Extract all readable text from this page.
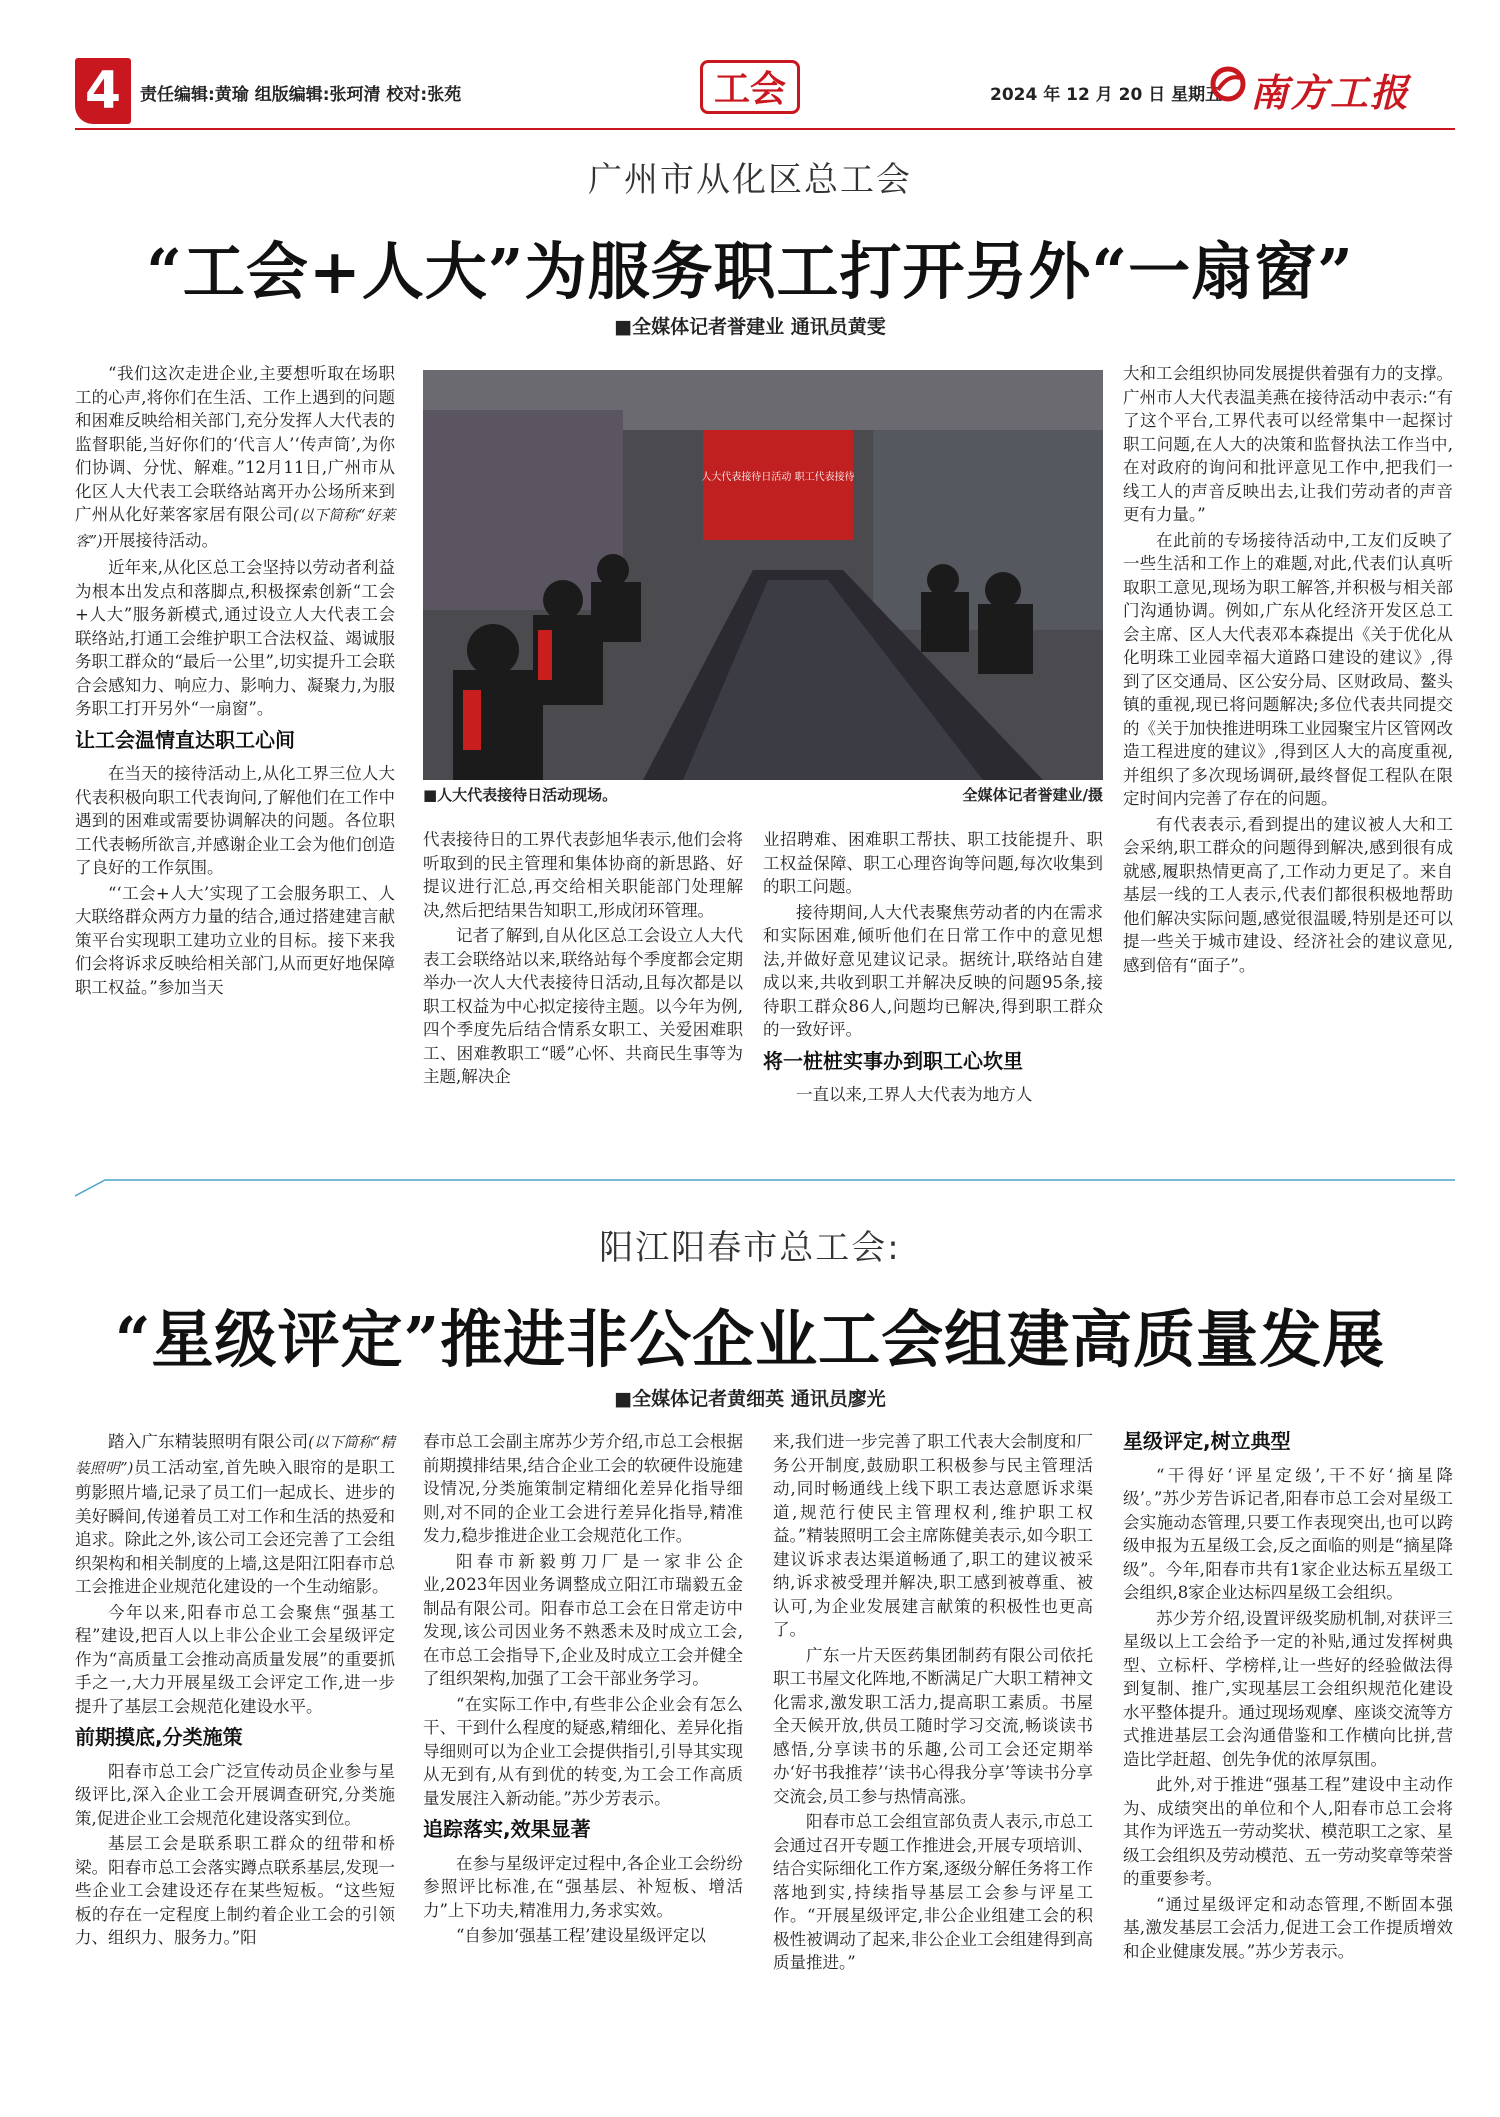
4	责任编辑:黄瑜 组版编辑:张珂清 校对:张苑	工会	2024 年 12 月 20 日 星期五 南方工报
广州市从化区总工会
“工会+人大”为服务职工打开另外“一扇窗”
■全媒体记者誉建业 通讯员黄雯

“我们这次走进企业,主要想听取在场职工的心声,将你们在生活、工作上遇到的问题和困难反映给相关部门,充分发挥人大代表的监督职能,当好你们的‘代言人’‘传声筒’,为你们协调、分忧、解难。”12月11日,广州市从化区人大代表工会联络站离开办公场所来到广州从化好莱客家居有限公司(以下简称“好莱客”)开展接待活动。

近年来,从化区总工会坚持以劳动者利益为根本出发点和落脚点,积极探索创新“工会+人大”服务新模式,通过设立人大代表工会联络站,打通工会维护职工合法权益、竭诚服务职工群众的“最后一公里”,切实提升工会联合会感知力、响应力、影响力、凝聚力,为服务职工打开另外“一扇窗”。

让工会温情直达职工心间

在当天的接待活动上,从化工界三位人大代表积极向职工代表询问,了解他们在工作中遇到的困难或需要协调解决的问题。各位职工代表畅所欲言,并感谢企业工会为他们创造了良好的工作氛围。

“‘工会+人大’实现了工会服务职工、人大联络群众两方力量的结合,通过搭建建言献策平台实现职工建功立业的目标。接下来我们会将诉求反映给相关部门,从而更好地保障职工权益。”参加当天

人大代表接待日活动 职工代表接待
■人大代表接待日活动现场。	全媒体记者誉建业/摄

代表接待日的工界代表彭旭华表示,他们会将听取到的民主管理和集体协商的新思路、好提议进行汇总,再交给相关职能部门处理解决,然后把结果告知职工,形成闭环管理。

记者了解到,自从化区总工会设立人大代表工会联络站以来,联络站每个季度都会定期举办一次人大代表接待日活动,且每次都是以职工权益为中心拟定接待主题。以今年为例,四个季度先后结合情系女职工、关爱困难职工、困难教职工“暖”心怀、共商民生事等为主题,解决企

业招聘难、困难职工帮扶、职工技能提升、职工权益保障、职工心理咨询等问题,每次收集到的职工问题。

接待期间,人大代表聚焦劳动者的内在需求和实际困难,倾听他们在日常工作中的意见想法,并做好意见建议记录。据统计,联络站自建成以来,共收到职工并解决反映的问题95条,接待职工群众86人,问题均已解决,得到职工群众的一致好评。

将一桩桩实事办到职工心坎里

一直以来,工界人大代表为地方人

大和工会组织协同发展提供着强有力的支撑。广州市人大代表温美燕在接待活动中表示:“有了这个平台,工界代表可以经常集中一起探讨职工问题,在人大的决策和监督执法工作当中,在对政府的询问和批评意见工作中,把我们一线工人的声音反映出去,让我们劳动者的声音更有力量。”

在此前的专场接待活动中,工友们反映了一些生活和工作上的难题,对此,代表们认真听取职工意见,现场为职工解答,并积极与相关部门沟通协调。例如,广东从化经济开发区总工会主席、区人大代表邓本森提出《关于优化从化明珠工业园幸福大道路口建设的建议》,得到了区交通局、区公安分局、区财政局、鳌头镇的重视,现已将问题解决;多位代表共同提交的《关于加快推进明珠工业园聚宝片区管网改造工程进度的建议》,得到区人大的高度重视,并组织了多次现场调研,最终督促工程队在限定时间内完善了存在的问题。

有代表表示,看到提出的建议被人大和工会采纳,职工群众的问题得到解决,感到很有成就感,履职热情更高了,工作动力更足了。来自基层一线的工人表示,代表们都很积极地帮助他们解决实际问题,感觉很温暖,特别是还可以提一些关于城市建设、经济社会的建议意见,感到倍有“面子”。

阳江阳春市总工会:
“星级评定”推进非公企业工会组建高质量发展
■全媒体记者黄细英 通讯员廖光

踏入广东精装照明有限公司(以下简称“精装照明”)员工活动室,首先映入眼帘的是职工剪影照片墙,记录了员工们一起成长、进步的美好瞬间,传递着员工对工作和生活的热爱和追求。除此之外,该公司工会还完善了工会组织架构和相关制度的上墙,这是阳江阳春市总工会推进企业规范化建设的一个生动缩影。

今年以来,阳春市总工会聚焦“强基工程”建设,把百人以上非公企业工会星级评定作为“高质量工会推动高质量发展”的重要抓手之一,大力开展星级工会评定工作,进一步提升了基层工会规范化建设水平。

前期摸底,分类施策

阳春市总工会广泛宣传动员企业参与星级评比,深入企业工会开展调查研究,分类施策,促进企业工会规范化建设落实到位。

基层工会是联系职工群众的纽带和桥梁。阳春市总工会落实蹲点联系基层,发现一些企业工会建设还存在某些短板。“这些短板的存在一定程度上制约着企业工会的引领力、组织力、服务力。”阳

春市总工会副主席苏少芳介绍,市总工会根据前期摸排结果,结合企业工会的软硬件设施建设情况,分类施策制定精细化差异化指导细则,对不同的企业工会进行差异化指导,精准发力,稳步推进企业工会规范化工作。

阳春市新毅剪刀厂是一家非公企业,2023年因业务调整成立阳江市瑞毅五金制品有限公司。阳春市总工会在日常走访中发现,该公司因业务不熟悉未及时成立工会,在市总工会指导下,企业及时成立工会并健全了组织架构,加强了工会干部业务学习。

“在实际工作中,有些非公企业会有怎么干、干到什么程度的疑惑,精细化、差异化指导细则可以为企业工会提供指引,引导其实现从无到有,从有到优的转变,为工会工作高质量发展注入新动能。”苏少芳表示。

追踪落实,效果显著

在参与星级评定过程中,各企业工会纷纷参照评比标准,在“强基层、补短板、增活力”上下功夫,精准用力,务求实效。

“自参加‘强基工程’建设星级评定以

来,我们进一步完善了职工代表大会制度和厂务公开制度,鼓励职工积极参与民主管理活动,同时畅通线上线下职工表达意愿诉求渠道,规范行使民主管理权利,维护职工权益。”精装照明工会主席陈健美表示,如今职工建议诉求表达渠道畅通了,职工的建议被采纳,诉求被受理并解决,职工感到被尊重、被认可,为企业发展建言献策的积极性也更高了。

广东一片天医药集团制药有限公司依托职工书屋文化阵地,不断满足广大职工精神文化需求,激发职工活力,提高职工素质。书屋全天候开放,供员工随时学习交流,畅谈读书感悟,分享读书的乐趣,公司工会还定期举办‘好书我推荐’‘读书心得我分享’等读书分享交流会,员工参与热情高涨。

阳春市总工会组宣部负责人表示,市总工会通过召开专题工作推进会,开展专项培训、结合实际细化工作方案,逐级分解任务将工作落地到实,持续指导基层工会参与评星工作。“开展星级评定,非公企业组建工会的积极性被调动了起来,非公企业工会组建得到高质量推进。”

星级评定,树立典型

“干得好‘评星定级’,干不好‘摘星降级’。”苏少芳告诉记者,阳春市总工会对星级工会实施动态管理,只要工作表现突出,也可以跨级申报为五星级工会,反之面临的则是“摘星降级”。今年,阳春市共有1家企业达标五星级工会组织,8家企业达标四星级工会组织。

苏少芳介绍,设置评级奖励机制,对获评三星级以上工会给予一定的补贴,通过发挥树典型、立标杆、学榜样,让一些好的经验做法得到复制、推广,实现基层工会组织规范化建设水平整体提升。通过现场观摩、座谈交流等方式推进基层工会沟通借鉴和工作横向比拼,营造比学赶超、创先争优的浓厚氛围。

此外,对于推进“强基工程”建设中主动作为、成绩突出的单位和个人,阳春市总工会将其作为评选五一劳动奖状、模范职工之家、星级工会组织及劳动模范、五一劳动奖章等荣誉的重要参考。

“通过星级评定和动态管理,不断固本强基,激发基层工会活力,促进工会工作提质增效和企业健康发展。”苏少芳表示。
